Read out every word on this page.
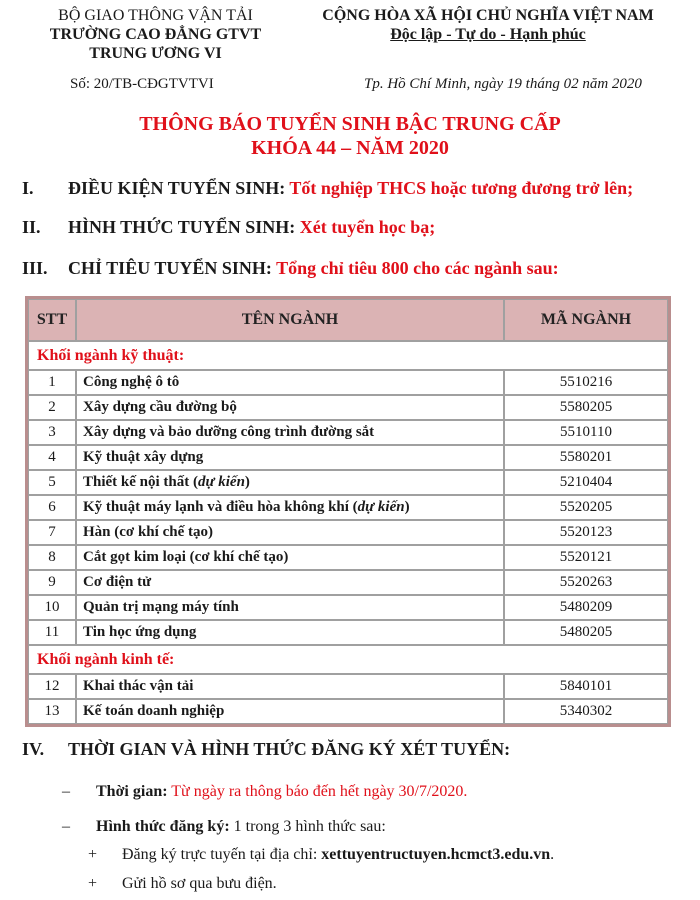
BỘ GIAO THÔNG VẬN TẢI
TRƯỜNG CAO ĐẲNG GTVT
TRUNG ƯƠNG VI
CỘNG HÒA XÃ HỘI CHỦ NGHĨA VIỆT NAM
Độc lập - Tự do - Hạnh phúc
Số: 20/TB-CĐGTVTVI	Tp. Hồ Chí Minh, ngày 19 tháng 02 năm 2020
THÔNG BÁO TUYỂN SINH BẬC TRUNG CẤP
KHÓA 44 – NĂM 2020
I. ĐIỀU KIỆN TUYỂN SINH: Tốt nghiệp THCS hoặc tương đương trở lên;
II. HÌNH THỨC TUYỂN SINH: Xét tuyển học bạ;
III. CHỈ TIÊU TUYỂN SINH: Tổng chỉ tiêu 800 cho các ngành sau:
STT	TÊN NGÀNH	MÃ NGÀNH
Khối ngành kỹ thuật:		
1	Công nghệ ô tô	5510216
2	Xây dựng cầu đường bộ	5580205
3	Xây dựng và bảo dưỡng công trình đường sắt	5510110
4	Kỹ thuật xây dựng	5580201
5	Thiết kế nội thất (dự kiến)	5210404
6	Kỹ thuật máy lạnh và điều hòa không khí (dự kiến)	5520205
7	Hàn (cơ khí chế tạo)	5520123
8	Cắt gọt kim loại (cơ khí chế tạo)	5520121
9	Cơ điện tử	5520263
10	Quản trị mạng máy tính	5480209
11	Tin học ứng dụng	5480205
Khối ngành kinh tế:		
12	Khai thác vận tải	5840101
13	Kế toán doanh nghiệp	5340302
IV. THỜI GIAN VÀ HÌNH THỨC ĐĂNG KÝ XÉT TUYỂN:
– Thời gian: Từ ngày ra thông báo đến hết ngày 30/7/2020.
– Hình thức đăng ký: 1 trong 3 hình thức sau:
+ Đăng ký trực tuyến tại địa chỉ: xettuyentructuyen.hcmct3.edu.vn.
+ Gửi hồ sơ qua bưu điện.
